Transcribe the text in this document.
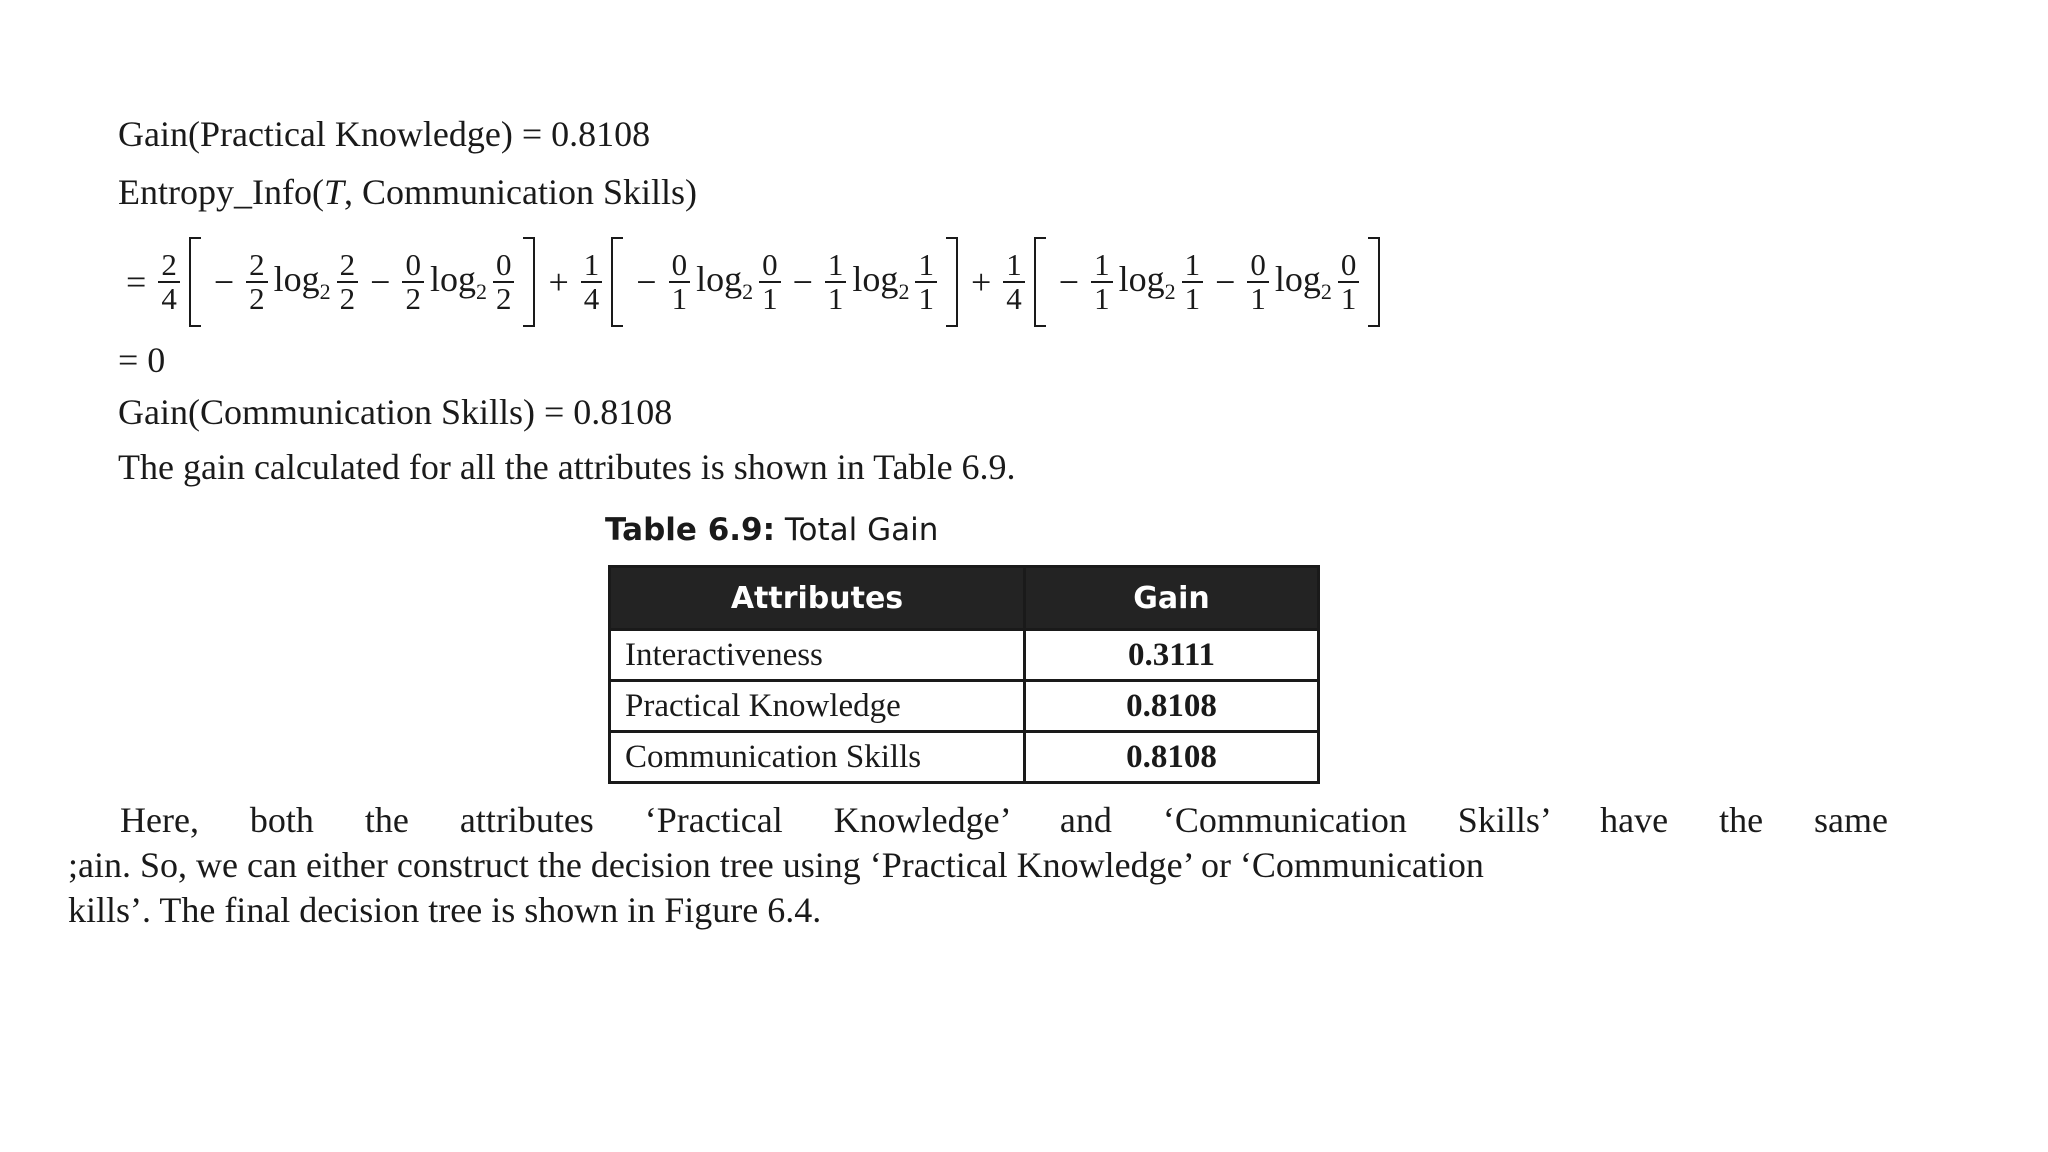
Gain(Practical Knowledge) = 0.8108
Entropy_Info(T, Communication Skills)
= $\frac{2}{4} - \frac{2}{2} \log_2 \frac{2}{2} - \frac{0}{2} \log_2 \frac{0}{2} + \frac{1}{4} - \frac{0}{1} \log_2 \frac{0}{1} - \frac{1}{1} \log_2 \frac{1}{1} + \frac{1}{4} - \frac{1}{1} \log_2 \frac{1}{1} - \frac{0}{1} \log_2 \frac{0}{1}$
= 0
Gain(Communication Skills) = 0.8108
The gain calculated for all the attributes is shown in Table 6.9.
Table 6.9: Total Gain
Attributes	Gain
Interactiveness	0.3111
Practical Knowledge	0.8108
Communication Skills	0.8108
Here, both the attributes ‘Practical Knowledge’ and ‘Communication Skills’ have the same
;ain. So, we can either construct the decision tree using ‘Practical Knowledge’ or ‘Communication
kills’. The final decision tree is shown in Figure 6.4.
